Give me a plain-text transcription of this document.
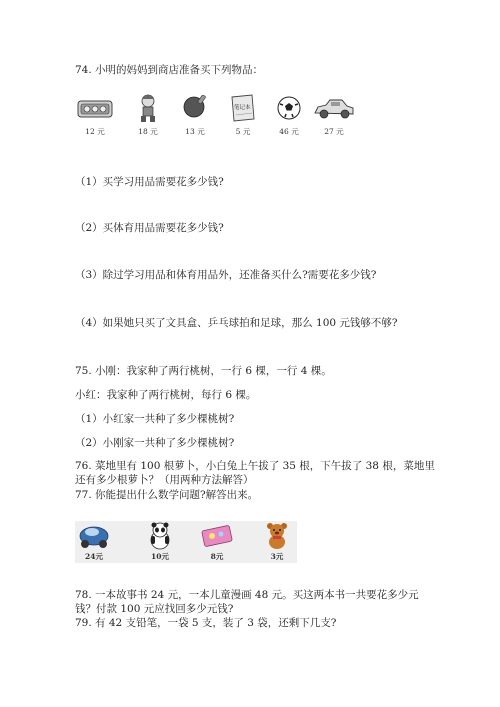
74. 小明的妈妈到商店准备买下列物品：

12 元	18 元	13 元	5 元
笔记本
46 元	27 元

（1）买学习用品需要花多少钱?

（2）买体育用品需要花多少钱?

（3）除过学习用品和体育用品外，还准备买什么?需要花多少钱?

（4）如果她只买了文具盒、乒乓球拍和足球，那么 100 元钱够不够?

75. 小刚：我家种了两行桃树，一行 6 棵，一行 4 棵。

小红：我家种了两行桃树，每行 6 棵。

（1）小红家一共种了多少棵桃树?

（2）小刚家一共种了多少棵桃树?

76. 菜地里有 100 根萝卜，小白兔上午拔了 35 根，下午拔了 38 根，菜地里还有多少根萝卜？（用两种方法解答）

77. 你能提出什么数学问题?解答出来。

24元	10元	8元	3元

78. 一本故事书 24 元，一本儿童漫画 48 元。买这两本书一共要花多少元钱？付款 100 元应找回多少元钱?

79. 有 42 支铅笔，一袋 5 支，装了 3 袋，还剩下几支?
